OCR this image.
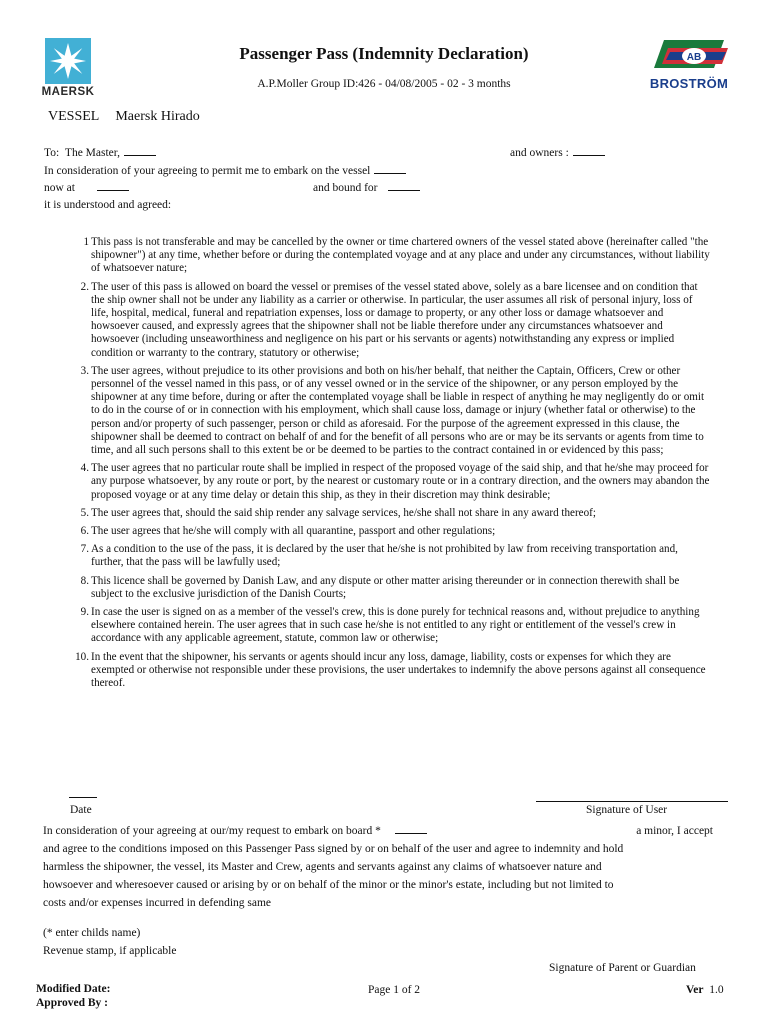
MAERSK
Passenger Pass (Indemnity Declaration)
A.P.Moller Group ID:426 - 04/08/2005 - 02 - 3 months
AB
BROSTRÖM
VESSEL Maersk Hirado
To: The Master,	and owners :
In consideration of your agreeing to permit me to embark on the vessel
now at	and bound for
it is understood and agreed:
1 This pass is not transferable and may be cancelled by the owner or time chartered owners of the vessel stated above (hereinafter called "the shipowner") at any time, whether before or during the contemplated voyage and at any place and under any circumstances, without liability of whatsoever nature;
2. The user of this pass is allowed on board the vessel or premises of the vessel stated above, solely as a bare licensee and on condition that the ship owner shall not be under any liability as a carrier or otherwise. In particular, the user assumes all risk of personal injury, loss of life, hospital, medical, funeral and repatriation expenses, loss or damage to property, or any other loss or damage whatsoever and howsoever caused, and expressly agrees that the shipowner shall not be liable therefore under any circumstances whatsoever and howsoever (including unseaworthiness and negligence on his part or his servants or agents) notwithstanding any express or implied condition or warranty to the contrary, statutory or otherwise;
3. The user agrees, without prejudice to its other provisions and both on his/her behalf, that neither the Captain, Officers, Crew or other personnel of the vessel named in this pass, or of any vessel owned or in the service of the shipowner, or any person employed by the shipowner at any time before, during or after the contemplated voyage shall be liable in respect of anything he may negligently do or omit to do in the course of or in connection with his employment, which shall cause loss, damage or injury (whether fatal or otherwise) to the person and/or property of such passenger, person or child as aforesaid. For the purpose of the agreement expressed in this clause, the shipowner shall be deemed to contract on behalf of and for the benefit of all persons who are or may be its servants or agents from time to time, and all such persons shall to this extent be or be deemed to be parties to the contract contained in or evidenced by this pass;
4. The user agrees that no particular route shall be implied in respect of the proposed voyage of the said ship, and that he/she may proceed for any purpose whatsoever, by any route or port, by the nearest or customary route or in a contrary direction, and the owners may abandon the proposed voyage or at any time delay or detain this ship, as they in their discretion may think desirable;
5. The user agrees that, should the said ship render any salvage services, he/she shall not share in any award thereof;
6. The user agrees that he/she will comply with all quarantine, passport and other regulations;
7. As a condition to the use of the pass, it is declared by the user that he/she is not prohibited by law from receiving transportation and, further, that the pass will be lawfully used;
8. This licence shall be governed by Danish Law, and any dispute or other matter arising thereunder or in connection therewith shall be subject to the exclusive jurisdiction of the Danish Courts;
9. In case the user is signed on as a member of the vessel's crew, this is done purely for technical reasons and, without prejudice to anything elsewhere contained herein. The user agrees that in such case he/she is not entitled to any right or entitlement of the vessel's crew in accordance with any applicable agreement, statute, common law or otherwise;
10. In the event that the shipowner, his servants or agents should incur any loss, damage, liability, costs or expenses for which they are exempted or otherwise not responsible under these provisions, the user undertakes to indemnify the above persons against all consequence thereof.
Date	Signature of User
In consideration of your agreeing at our/my request to embark on board *	a minor, I accept
and agree to the conditions imposed on this Passenger Pass signed by or on behalf of the user and agree to indemnity and hold
harmless the shipowner, the vessel, its Master and Crew, agents and servants against any claims of whatsoever nature and
howsoever and wheresoever caused or arising by or on behalf of the minor or the minor's estate, including but not limited to
costs and/or expenses incurred in defending same
(* enter childs name)
Revenue stamp, if applicable
Signature of Parent or Guardian
Modified Date:
Approved By :
Page 1 of 2	Ver 1.0
